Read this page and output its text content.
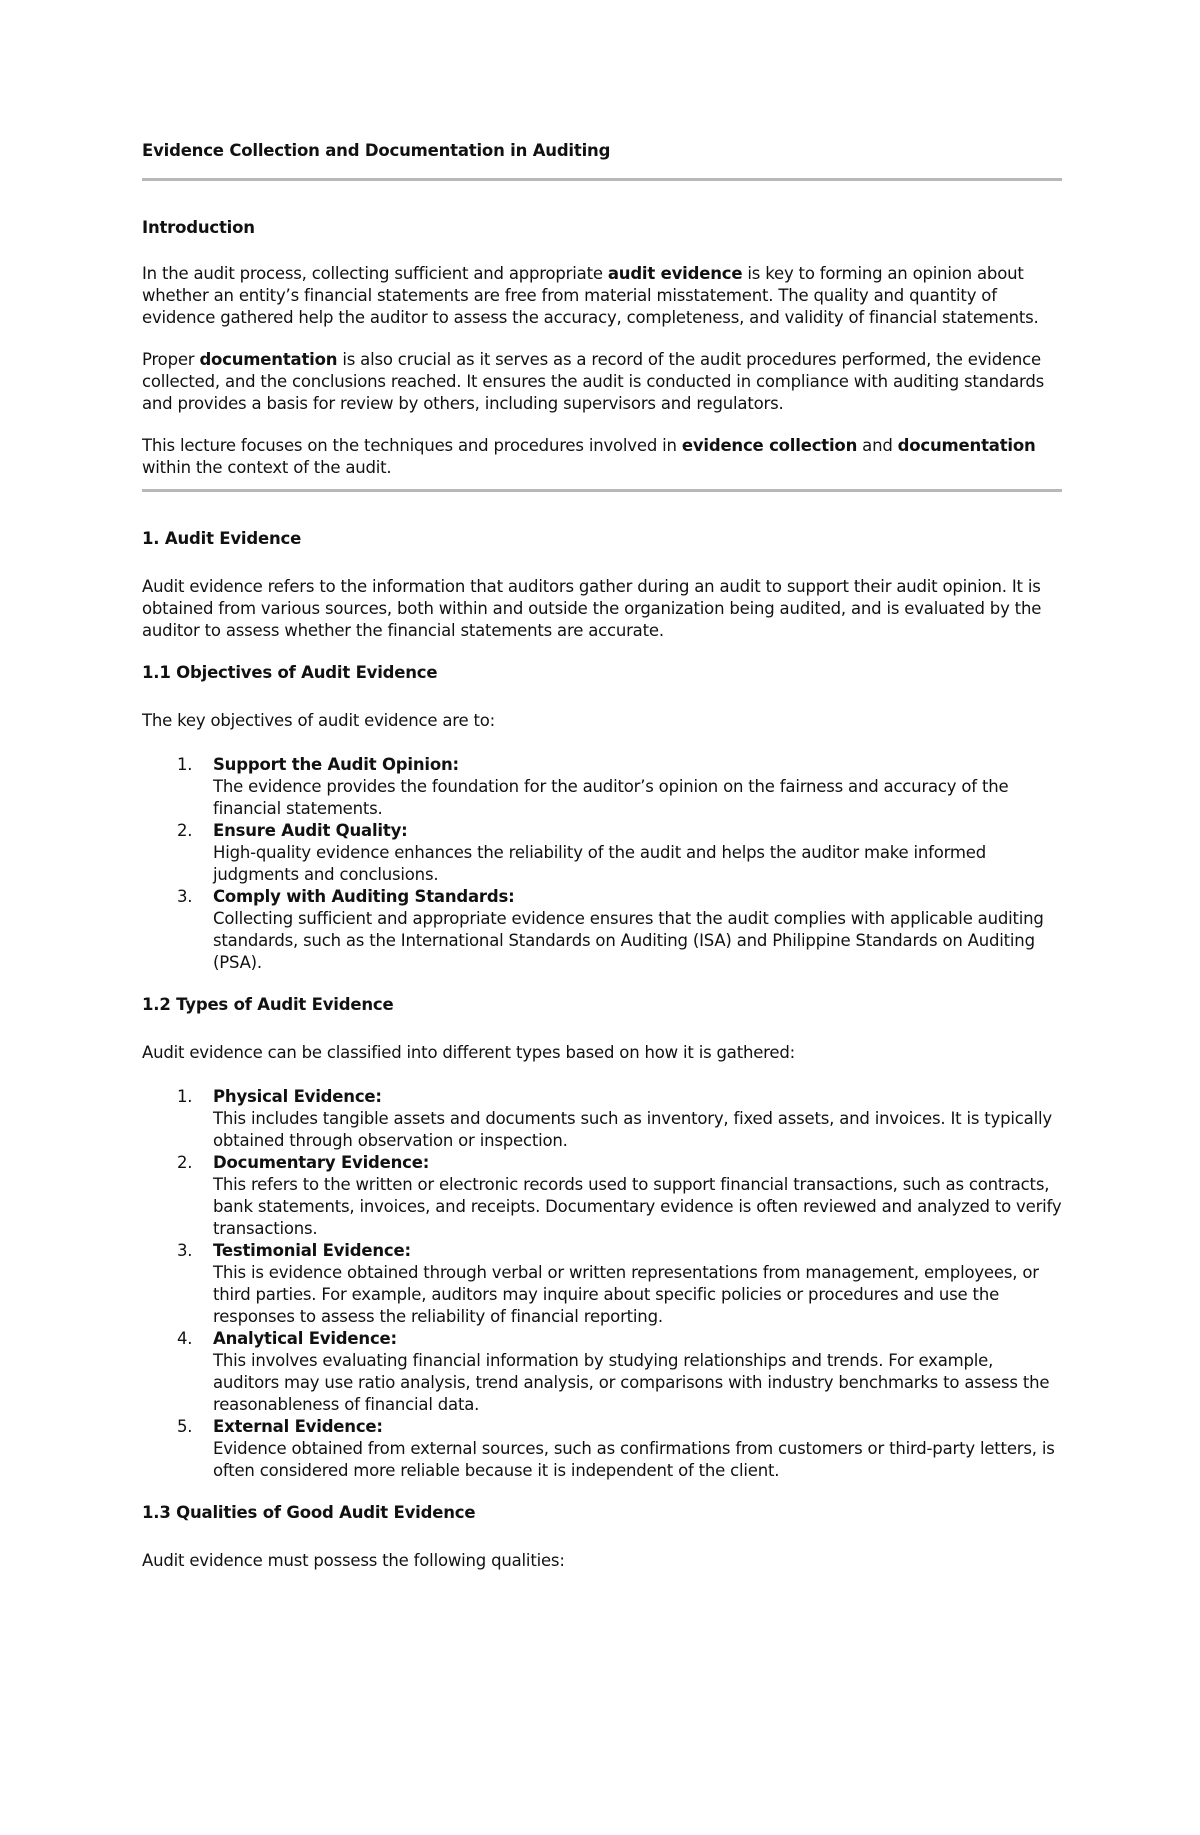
Evidence Collection and Documentation in Auditing

Introduction

In the audit process, collecting sufficient and appropriate audit evidence is key to forming an opinion about whether an entity’s financial statements are free from material misstatement. The quality and quantity of evidence gathered help the auditor to assess the accuracy, completeness, and validity of financial statements.

Proper documentation is also crucial as it serves as a record of the audit procedures performed, the evidence collected, and the conclusions reached. It ensures the audit is conducted in compliance with auditing standards and provides a basis for review by others, including supervisors and regulators.

This lecture focuses on the techniques and procedures involved in evidence collection and documentation within the context of the audit.

1. Audit Evidence

Audit evidence refers to the information that auditors gather during an audit to support their audit opinion. It is obtained from various sources, both within and outside the organization being audited, and is evaluated by the auditor to assess whether the financial statements are accurate.

1.1 Objectives of Audit Evidence

The key objectives of audit evidence are to:

1. Support the Audit Opinion:
The evidence provides the foundation for the auditor’s opinion on the fairness and accuracy of the financial statements.
2. Ensure Audit Quality:
High-quality evidence enhances the reliability of the audit and helps the auditor make informed judgments and conclusions.
3. Comply with Auditing Standards:
Collecting sufficient and appropriate evidence ensures that the audit complies with applicable auditing standards, such as the International Standards on Auditing (ISA) and Philippine Standards on Auditing (PSA).

1.2 Types of Audit Evidence

Audit evidence can be classified into different types based on how it is gathered:

1. Physical Evidence:
This includes tangible assets and documents such as inventory, fixed assets, and invoices. It is typically obtained through observation or inspection.
2. Documentary Evidence:
This refers to the written or electronic records used to support financial transactions, such as contracts, bank statements, invoices, and receipts. Documentary evidence is often reviewed and analyzed to verify transactions.
3. Testimonial Evidence:
This is evidence obtained through verbal or written representations from management, employees, or third parties. For example, auditors may inquire about specific policies or procedures and use the responses to assess the reliability of financial reporting.
4. Analytical Evidence:
This involves evaluating financial information by studying relationships and trends. For example, auditors may use ratio analysis, trend analysis, or comparisons with industry benchmarks to assess the reasonableness of financial data.
5. External Evidence:
Evidence obtained from external sources, such as confirmations from customers or third-party letters, is often considered more reliable because it is independent of the client.

1.3 Qualities of Good Audit Evidence

Audit evidence must possess the following qualities:
